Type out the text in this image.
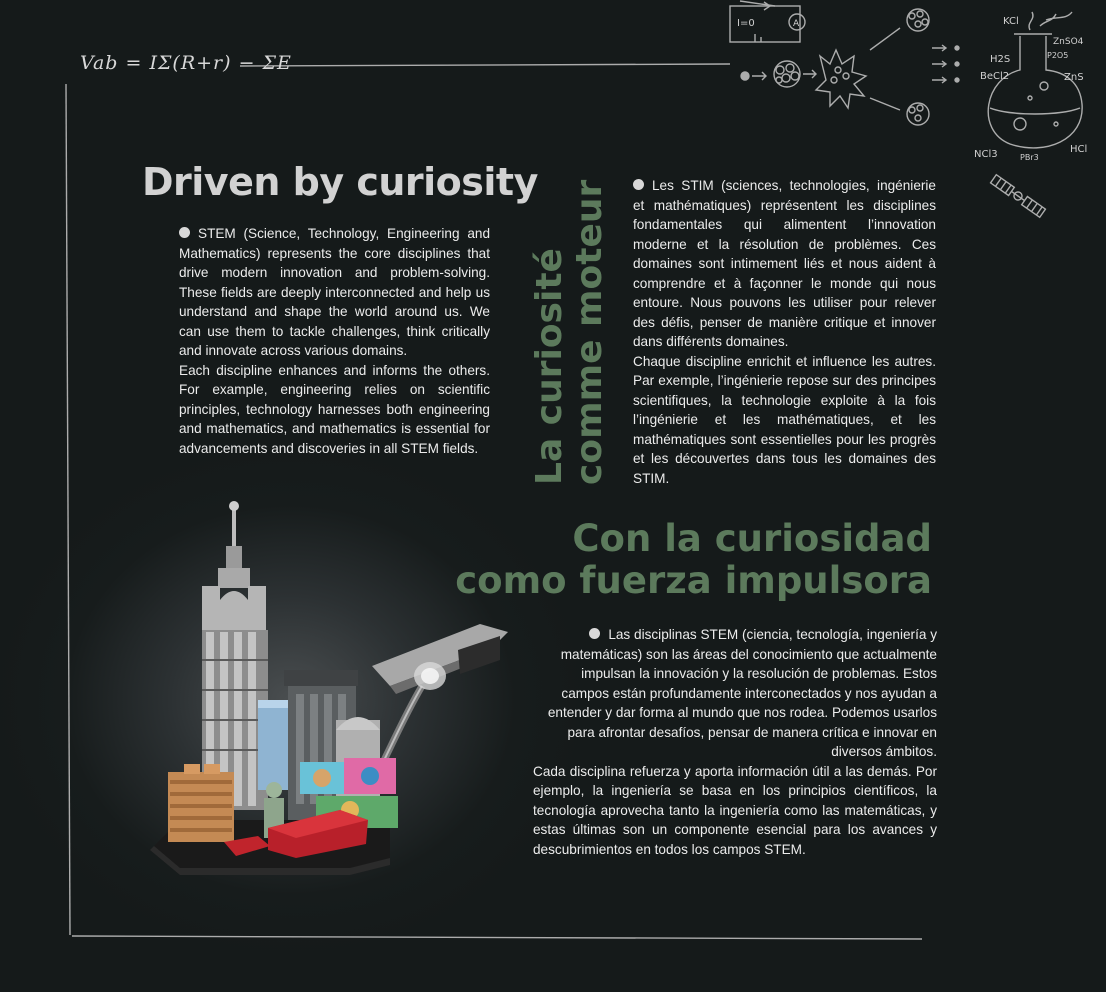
KCl
ZnSO4
H2S	P2O5
BeCl2	ZnS
NCl3	PBr3
HCl
I=0	A
Vab = IΣ(R+r) − ΣE
Driven by curiosity

STEM (Science, Technology, Engineering and Mathematics) represents the core disciplines that drive modern innovation and problem-solving. These fields are deeply interconnected and help us understand and shape the world around us. We can use them to tackle challenges, think critically and innovate across various domains.

Each discipline enhances and informs the others. For example, engineering relies on scientific principles, technology harnesses both engineering and mathematics, and mathematics is essential for advancements and discoveries in all STEM fields.	La curiosité
comme moteur	Les STIM (sciences, technologies, ingénierie et mathématiques) représentent les disciplines fondamentales qui alimentent l’innovation moderne et la résolution de problèmes. Ces domaines sont intimement liés et nous aident à comprendre et à façonner le monde qui nous entoure. Nous pouvons les utiliser pour relever des défis, penser de manière critique et innover dans différents domaines.

Chaque discipline enrichit et influence les autres. Par exemple, l’ingénierie repose sur des principes scientifiques, la technologie exploite à la fois l’ingénierie et les mathématiques, et les mathématiques sont essentielles pour les progrès et les découvertes dans tous les domaines des STIM.

Con la curiosidad
como fuerza impulsora

Las disciplinas STEM (ciencia, tecnología, ingeniería y matemáticas) son las áreas del conocimiento que actualmente impulsan la innovación y la resolución de problemas. Estos campos están profundamente interconectados y nos ayudan a entender y dar forma al mundo que nos rodea. Podemos usarlos para afrontar desafíos, pensar de manera crítica e innovar en diversos ámbitos.

Cada disciplina refuerza y aporta información útil a las demás. Por ejemplo, la ingeniería se basa en los principios científicos, la tecnología aprovecha tanto la ingeniería como las matemáticas, y estas últimas son un componente esencial para los avances y descubrimientos en todos los campos STEM.
